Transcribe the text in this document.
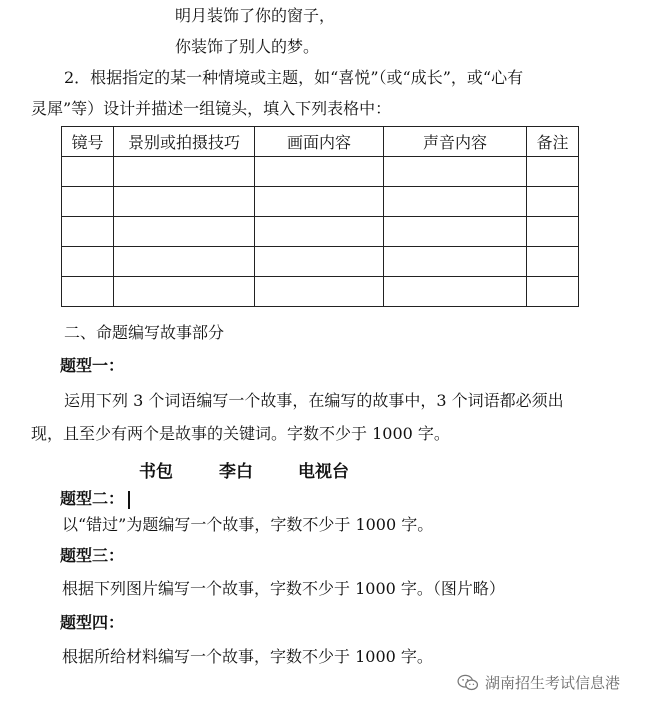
明月装饰了你的窗子，
你装饰了别人的梦。
2．根据指定的某一种情境或主题，如“喜悦”（或“成长”，或“心有
灵犀”等）设计并描述一组镜头，填入下列表格中：
镜号	景别或拍摄技巧	画面内容	声音内容	备注

二、命题编写故事部分
题型一：
运用下列 3 个词语编写一个故事，在编写的故事中，3 个词语都必须出
现，且至少有两个是故事的关键词。字数不少于 1000 字。
书包	李白	电视台
题型二：
以“错过”为题编写一个故事，字数不少于 1000 字。
题型三：
根据下列图片编写一个故事，字数不少于 1000 字。（图片略）
题型四：
根据所给材料编写一个故事，字数不少于 1000 字。
湖南招生考试信息港
